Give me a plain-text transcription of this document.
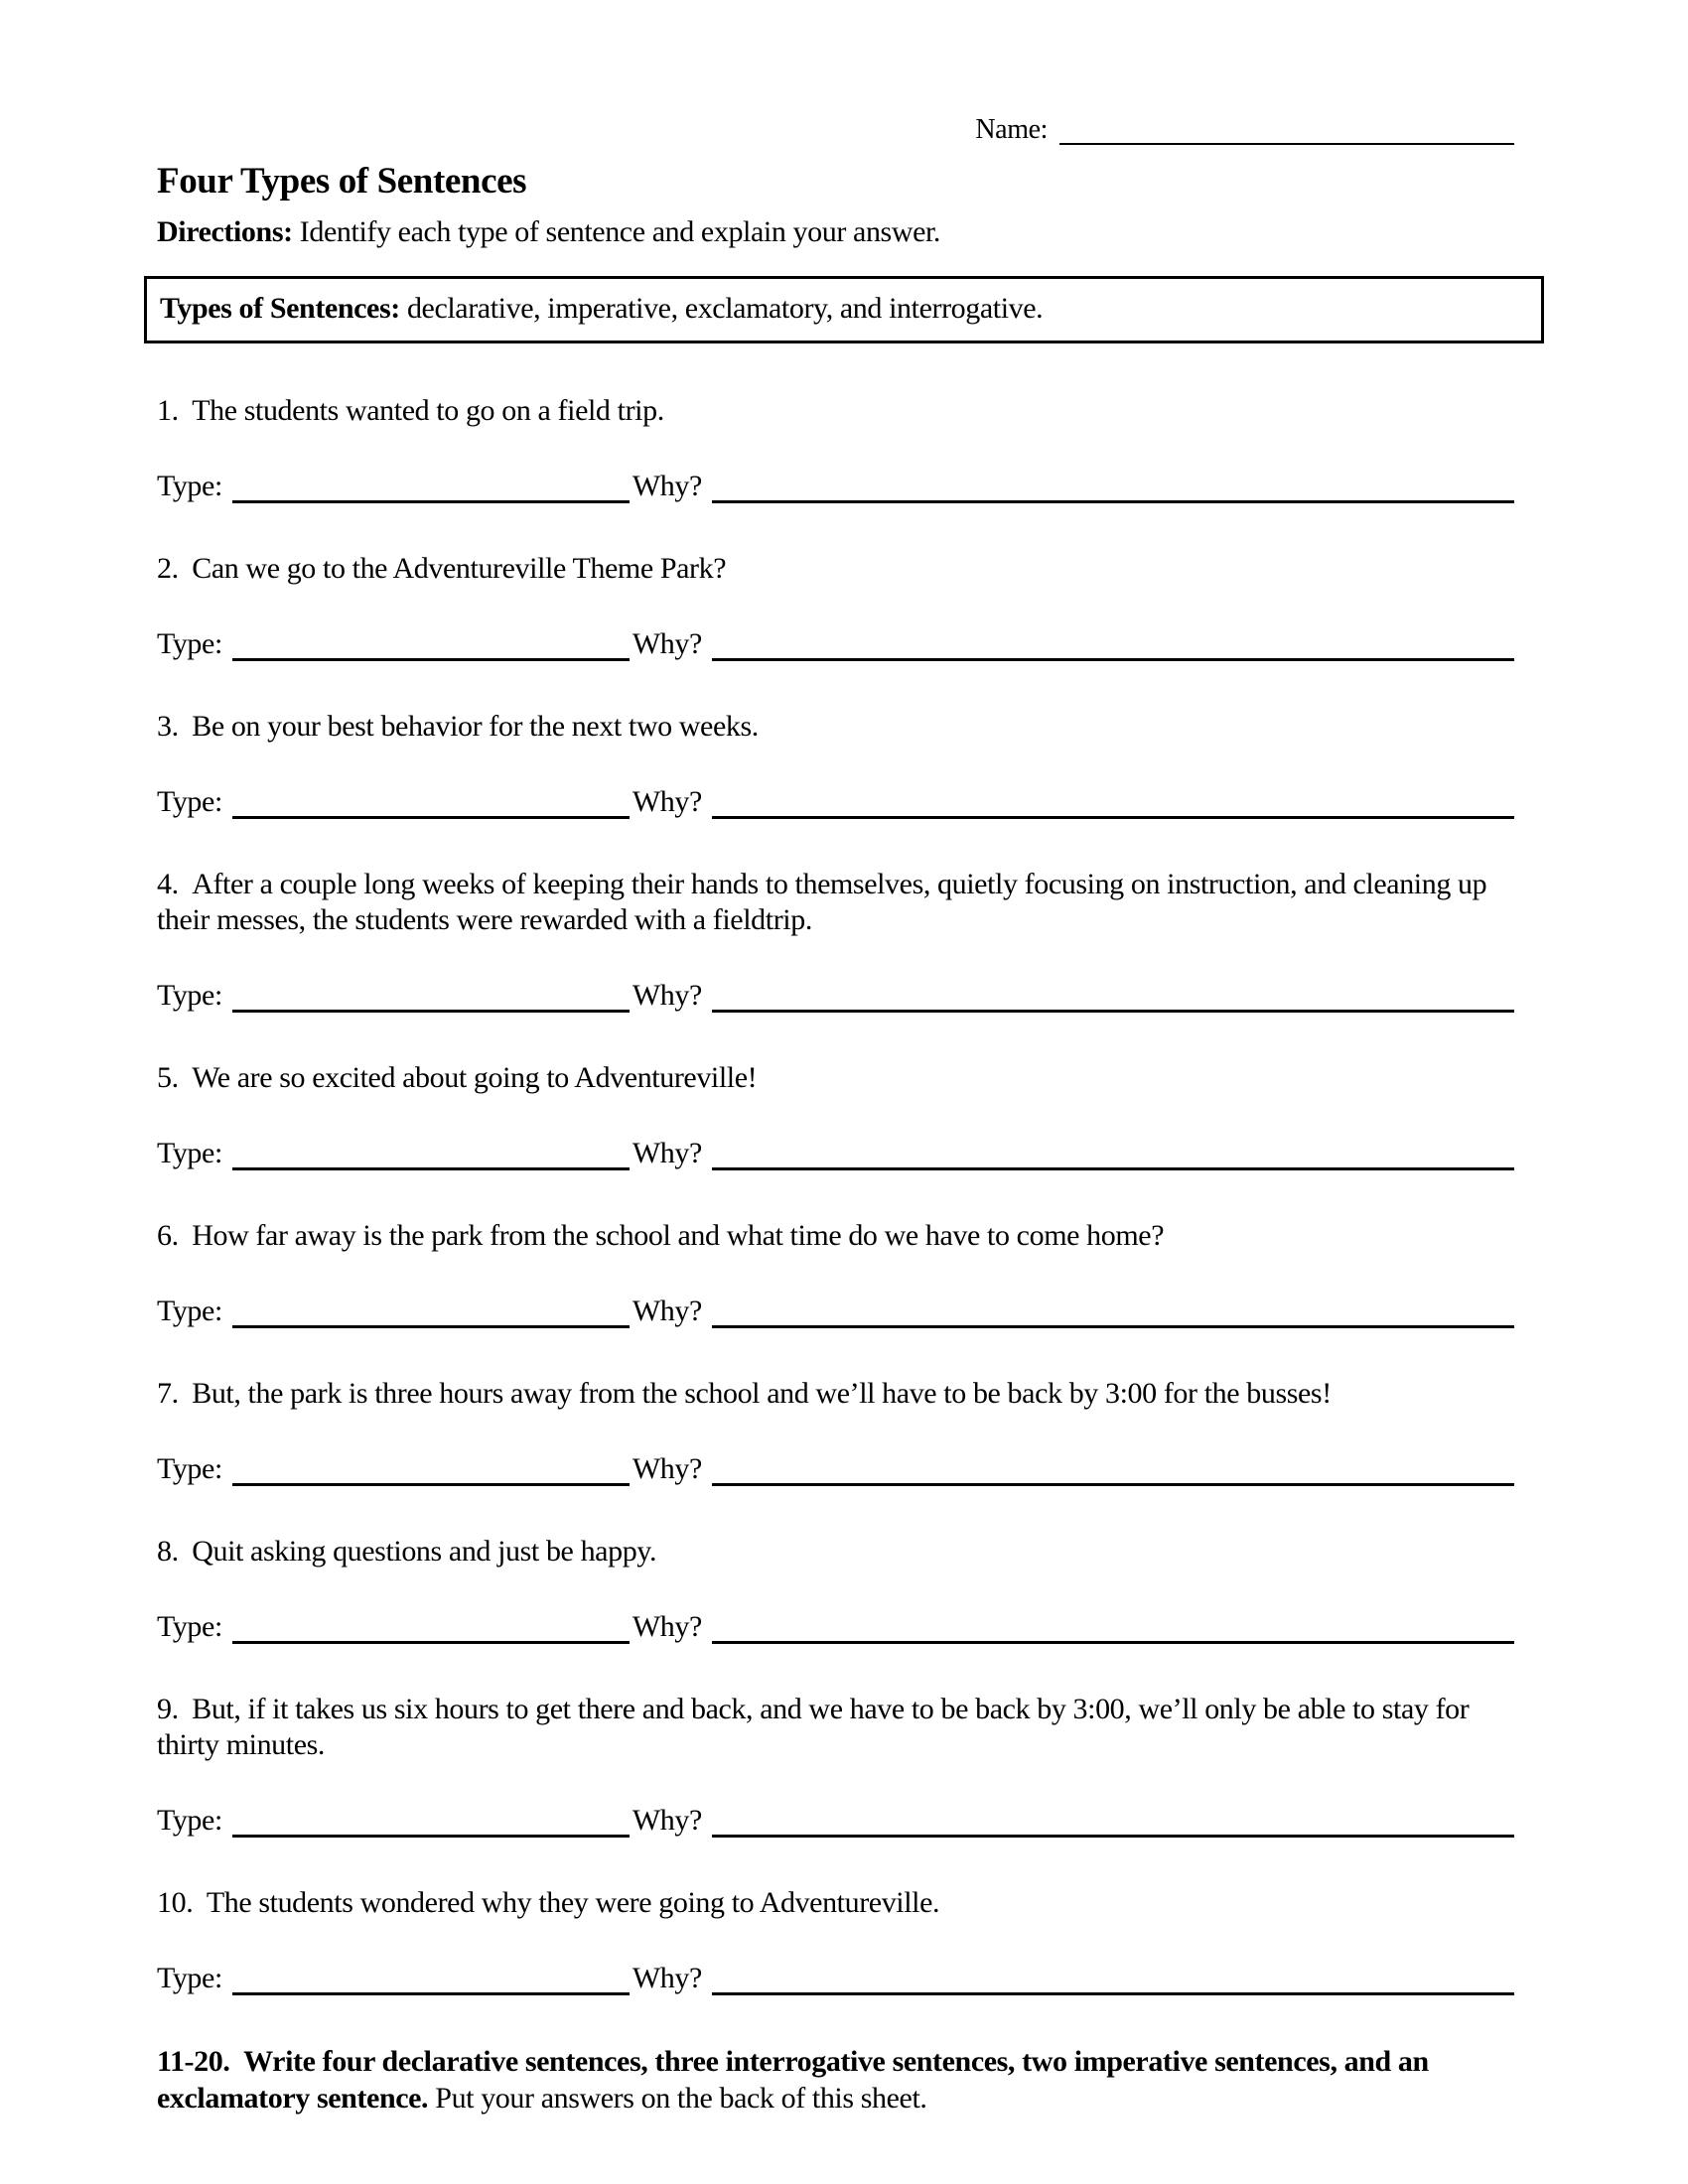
Name:
Four Types of Sentences

Directions: Identify each type of sentence and explain your answer.

Types of Sentences: declarative, imperative, exclamatory, and interrogative.

1. The students wanted to go on a field trip.

Type:	Why?

2. Can we go to the Adventureville Theme Park?

Type:	Why?

3. Be on your best behavior for the next two weeks.

Type:	Why?

4. After a couple long weeks of keeping their hands to themselves, quietly focusing on instruction, and cleaning up their messes, the students were rewarded with a fieldtrip.

Type:	Why?

5. We are so excited about going to Adventureville!

Type:	Why?

6. How far away is the park from the school and what time do we have to come home?

Type:	Why?

7. But, the park is three hours away from the school and we’ll have to be back by 3:00 for the busses!

Type:	Why?

8. Quit asking questions and just be happy.

Type:	Why?

9. But, if it takes us six hours to get there and back, and we have to be back by 3:00, we’ll only be able to stay for thirty minutes.

Type:	Why?

10. The students wondered why they were going to Adventureville.

Type:	Why?

11-20.  Write four declarative sentences, three interrogative sentences, two imperative sentences, and an exclamatory sentence. Put your answers on the back of this sheet.
